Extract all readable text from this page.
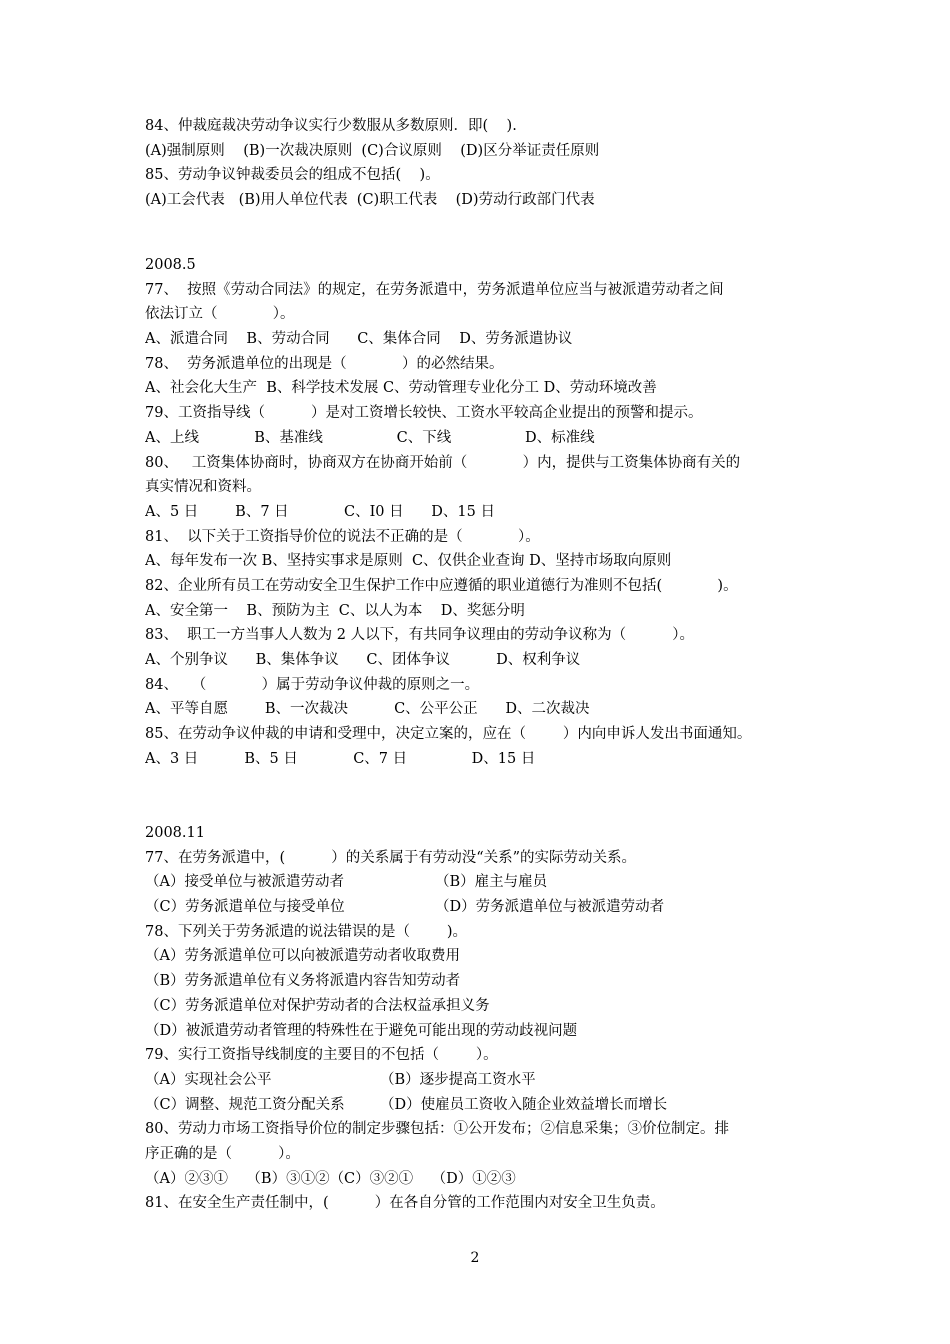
84、仲裁庭裁决劳动争议实行少数服从多数原则．即(    ).
(A)强制原则    (B)一次裁决原则  (C)合议原则    (D)区分举证责任原则
85、劳动争议钟裁委员会的组成不包括(    )。
(A)工会代表   (B)用人单位代表  (C)职工代表    (D)劳动行政部门代表
2008.5
77、  按照《劳动合同法》的规定，在劳务派遣中，劳务派遣单位应当与被派遣劳动者之间
依法订立（            ）。
A、派遣合同    B、劳动合同      C、集体合同    D、劳务派遣协议
78、  劳务派遣单位的出现是（            ）的必然结果。
A、社会化大生产  B、科学技术发展 C、劳动管理专业化分工 D、劳动环境改善
79、工资指导线（          ）是对工资增长较快、工资水平较高企业提出的预警和提示。
A、上线            B、基准线                C、下线                D、标准线
80、   工资集体协商时，协商双方在协商开始前（            ）内，提供与工资集体协商有关的
真实情况和资料。
A、5 日        B、7 日            C、I0 日      D、15 日
81、  以下关于工资指导价位的说法不正确的是（            ）。
A、每年发布一次 B、坚持实事求是原则  C、仅供企业查询 D、坚持市场取向原则
82、企业所有员工在劳动安全卫生保护工作中应遵循的职业道德行为准则不包括(            )。
A、安全第一    B、预防为主  C、以人为本    D、奖惩分明
83、  职工一方当事人人数为 2 人以下，有共同争议理由的劳动争议称为（          ）。
A、个别争议      B、集体争议      C、团体争议          D、权利争议
84、   （            ）属于劳动争议仲裁的原则之一。
A、平等自愿        B、一次裁决          C、公平公正      D、二次裁决
85、在劳动争议仲裁的申请和受理中，决定立案的，应在（        ）内向申诉人发出书面通知。
A、3 日          B、5 日            C、7 日              D、15 日
2008.11
77、在劳务派遣中，(          ）的关系属于有劳动没“关系”的实际劳动关系。
（A）接受单位与被派遣劳动者	（B）雇主与雇员
（C）劳务派遣单位与接受单位	（D）劳务派遣单位与被派遣劳动者
78、下列关于劳务派遣的说法错误的是（        )。
（A）劳务派遣单位可以向被派遣劳动者收取费用
（B）劳务派遣单位有义务将派遣内容告知劳动者
（C）劳务派遣单位对保护劳动者的合法权益承担义务
（D）被派遣劳动者管理的特殊性在于避免可能出现的劳动歧视问题
79、实行工资指导线制度的主要目的不包括（        ）。
（A）实现社会公平	（B）逐步提高工资水平
（C）调整、规范工资分配关系	（D）使雇员工资收入随企业效益增长而增长
80、劳动力市场工资指导价位的制定步骤包括：①公开发布；②信息采集；③价位制定。排
序正确的是（          ）。
（A）②③①    （B）③①②（C）③②①    （D）①②③
81、在安全生产责任制中，(          ）在各自分管的工作范围内对安全卫生负责。
2
